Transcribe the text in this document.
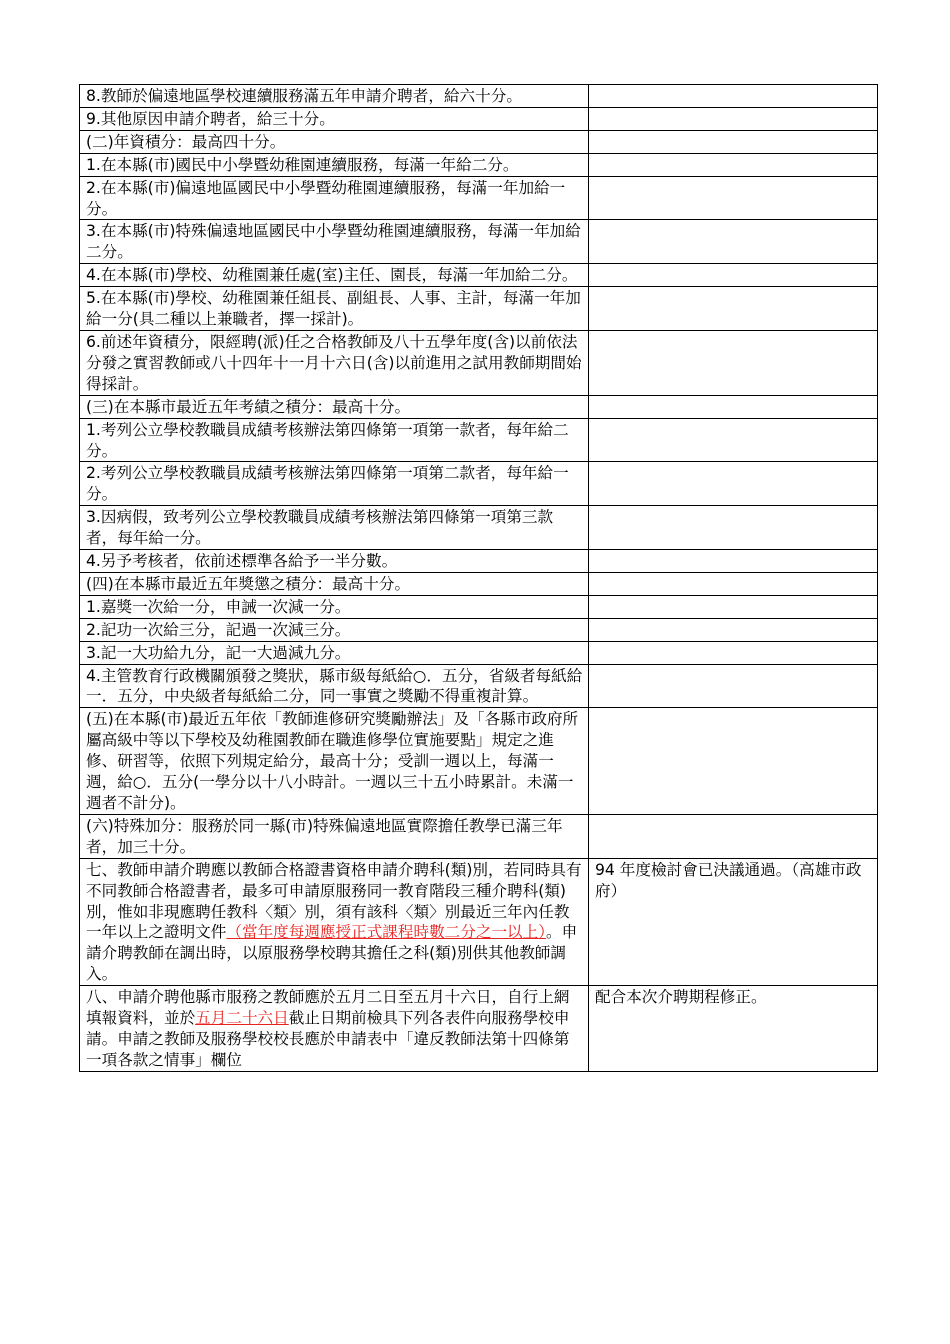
8.教師於偏遠地區學校連續服務滿五年申請介聘者，給六十分。	
9.其他原因申請介聘者，給三十分。	
(二)年資積分：最高四十分。	
1.在本縣(市)國民中小學暨幼稚園連續服務，每滿一年給二分。	
2.在本縣(市)偏遠地區國民中小學暨幼稚園連續服務，每滿一年加給一分。	
3.在本縣(市)特殊偏遠地區國民中小學暨幼稚園連續服務，每滿一年加給二分。	
4.在本縣(市)學校、幼稚園兼任處(室)主任、園長，每滿一年加給二分。	
5.在本縣(市)學校、幼稚園兼任組長、副組長、人事、主計，每滿一年加給一分(具二種以上兼職者，擇一採計)。	
6.前述年資積分，限經聘(派)任之合格教師及八十五學年度(含)以前依法分發之實習教師或八十四年十一月十六日(含)以前進用之試用教師期間始得採計。	
(三)在本縣市最近五年考績之積分：最高十分。	
1.考列公立學校教職員成績考核辦法第四條第一項第一款者，每年給二分。	
2.考列公立學校教職員成績考核辦法第四條第一項第二款者，每年給一分。	
3.因病假，致考列公立學校教職員成績考核辦法第四條第一項第三款者，每年給一分。	
4.另予考核者，依前述標準各給予一半分數。	
(四)在本縣市最近五年獎懲之積分：最高十分。	
1.嘉獎一次給一分，申誡一次減一分。	
2.記功一次給三分，記過一次減三分。	
3.記一大功給九分，記一大過減九分。	
4.主管教育行政機關頒發之獎狀，縣市級每紙給○．五分，省級者每紙給一．五分，中央級者每紙給二分，同一事實之獎勵不得重複計算。	
(五)在本縣(市)最近五年依「教師進修研究獎勵辦法」及「各縣市政府所屬高級中等以下學校及幼稚園教師在職進修學位實施要點」規定之進修、研習等，依照下列規定給分，最高十分；受訓一週以上，每滿一週，給○．五分(一學分以十八小時計。一週以三十五小時累計。未滿一週者不計分)。	
(六)特殊加分：服務於同一縣(市)特殊偏遠地區實際擔任教學已滿三年者，加三十分。	
七、教師申請介聘應以教師合格證書資格申請介聘科(類)別，若同時具有不同教師合格證書者，最多可申請原服務同一教育階段三種介聘科(類)別，惟如非現應聘任教科〈類〉別，須有該科〈類〉別最近三年內任教一年以上之證明文件（當年度每週應授正式課程時數二分之一以上）。申請介聘教師在調出時，以原服務學校聘其擔任之科(類)別供其他教師調入。	94 年度檢討會已決議通過。（高雄市政府）
八、申請介聘他縣市服務之教師應於五月二日至五月十六日，自行上網填報資料，並於五月二十六日截止日期前檢具下列各表件向服務學校申請。申請之教師及服務學校校長應於申請表中「違反教師法第十四條第一項各款之情事」欄位	配合本次介聘期程修正。
